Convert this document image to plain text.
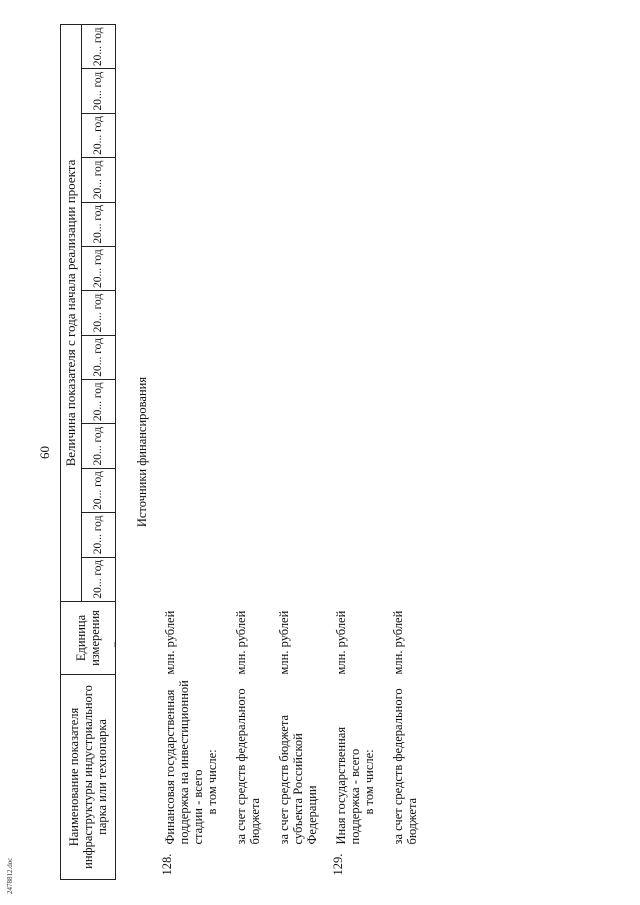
2478812.doc
60
Наименование показателя инфраструктуры индустриального парка или технопарка		Единица измерения	Величина показателя с года начала реализации проекта												
			20... год	20... год	20... год	20... год	20... год	20... год	20... год	20... год	20... год	20... год	20... год	20... год	20... год
Источники финансирования															
128.	Финансовая государственная поддержка на инвестиционной стадии - всего в том числе:	млн. рублей													
	за счет средств федерального бюджета	млн. рублей													
	за счет средств бюджета субъекта Российской Федерации	млн. рублей													
129.	Иная государственная поддержка - всего в том числе:	млн. рублей													
	за счет средств федерального бюджета	млн. рублей													
